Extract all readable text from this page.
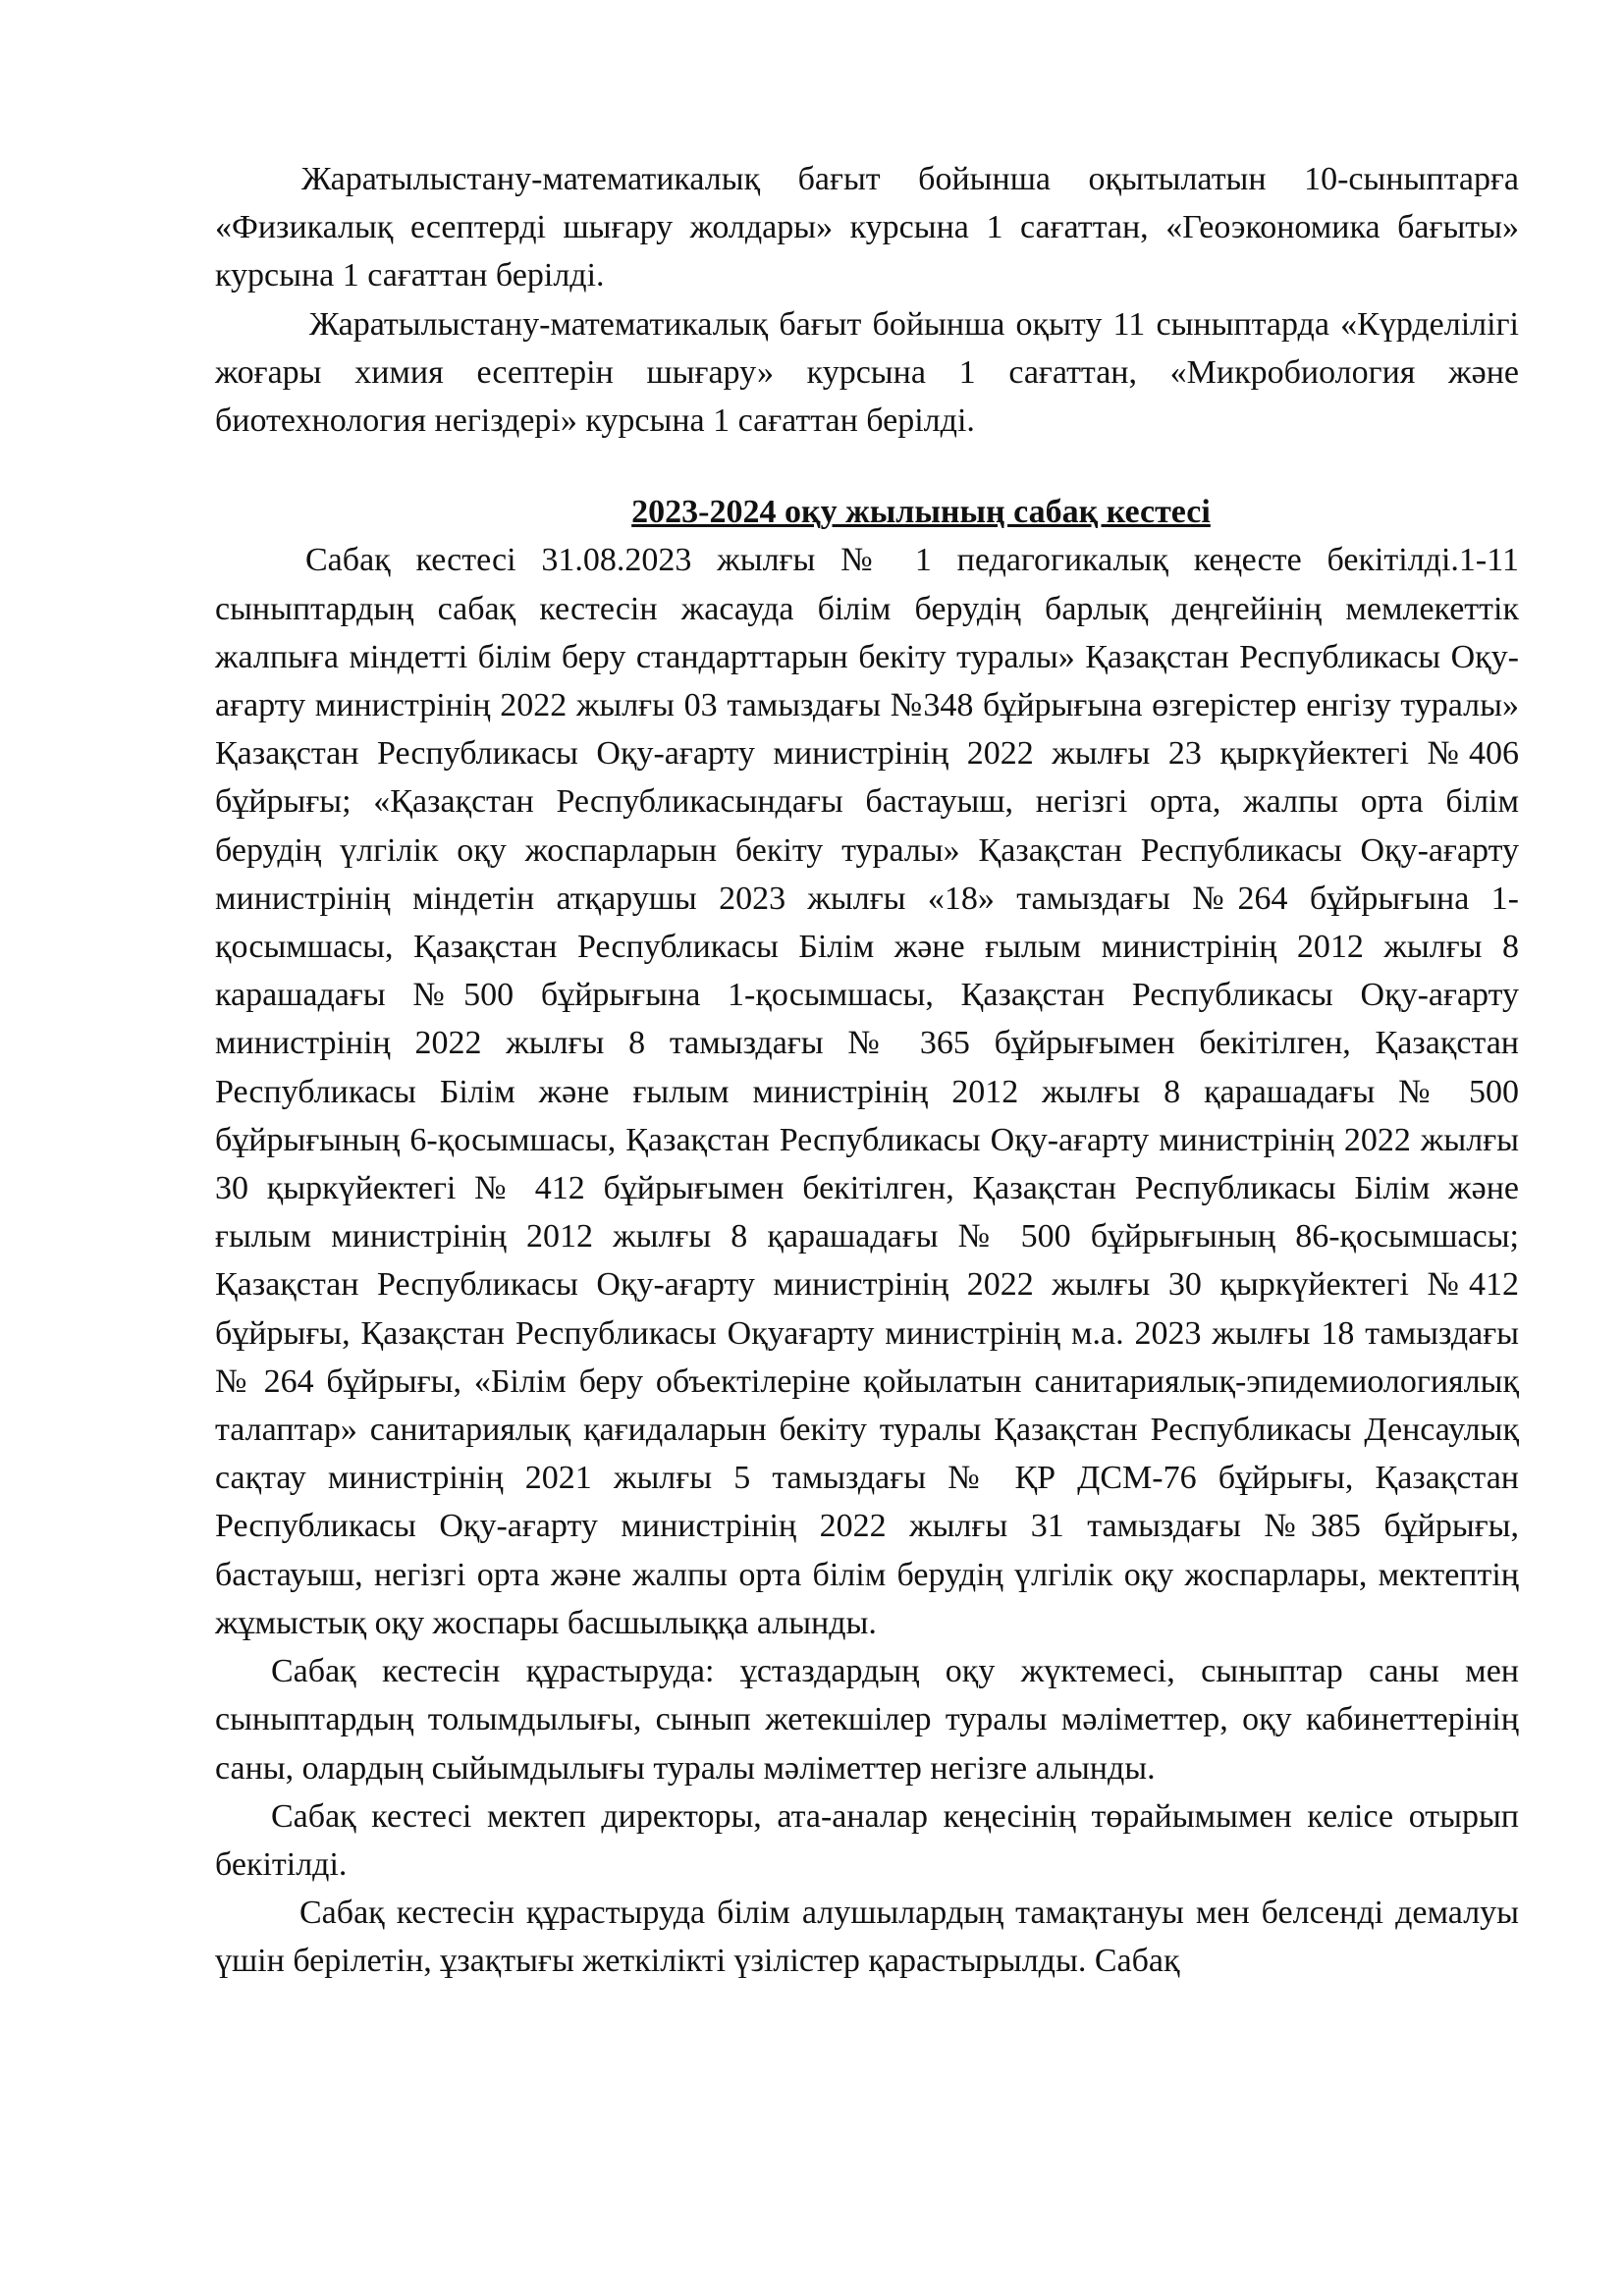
Жаратылыстану-математикалық бағыт бойынша оқытылатын 10-сыныптарға «Физикалық есептерді шығару жолдары» курсына 1 сағаттан, «Геоэкономика бағыты» курсына 1 сағаттан берілді.

Жаратылыстану-математикалық бағыт бойынша оқыту 11 сыныптарда «Күрделілігі жоғары химия есептерін шығару» курсына 1 сағаттан, «Микробиология және биотехнология негіздері» курсына 1 сағаттан берілді.

2023-2024 оқу жылының сабақ кестесі

Сабақ кестесі 31.08.2023 жылғы № 1 педагогикалық кеңесте бекітілді.1-11 сыныптардың сабақ кестесін жасауда білім берудің барлық деңгейінің мемлекеттік жалпыға міндетті білім беру стандарттарын бекіту туралы» Қазақстан Республикасы Оқу-ағарту министрінің 2022 жылғы 03 тамыздағы №348 бұйрығына өзгерістер енгізу туралы» Қазақстан Республикасы Оқу-ағарту министрінің 2022 жылғы 23 қыркүйектегі №406 бұйрығы; «Қазақстан Республикасындағы бастауыш, негізгі орта, жалпы орта білім берудің үлгілік оқу жоспарларын бекіту туралы» Қазақстан Республикасы Оқу-ағарту министрінің міндетін атқарушы 2023 жылғы «18» тамыздағы №264 бұйрығына 1-қосымшасы, Қазақстан Республикасы Білім және ғылым министрінің 2012 жылғы 8 карашадағы №500 бұйрығына 1-қосымшасы, Қазақстан Республикасы Оқу-ағарту министрінің 2022 жылғы 8 тамыздағы № 365 бұйрығымен бекітілген, Қазақстан Республикасы Білім және ғылым министрінің 2012 жылғы 8 қарашадағы № 500 бұйрығының 6-қосымшасы, Қазақстан Республикасы Оқу-ағарту министрінің 2022 жылғы 30 қыркүйектегі № 412 бұйрығымен бекітілген, Қазақстан Республикасы Білім және ғылым министрінің 2012 жылғы 8 қарашадағы № 500 бұйрығының 86-қосымшасы; Қазақстан Республикасы Оқу-ағарту министрінің 2022 жылғы 30 қыркүйектегі №412 бұйрығы, Қазақстан Республикасы Оқуағарту министрінің м.а. 2023 жылғы 18 тамыздағы № 264 бұйрығы, «Білім беру объектілеріне қойылатын санитариялық-эпидемиологиялық талаптар» санитариялық қағидаларын бекіту туралы Қазақстан Республикасы Денсаулық сақтау министрінің 2021 жылғы 5 тамыздағы № ҚР ДСМ-76 бұйрығы, Қазақстан Республикасы Оқу-ағарту министрінің 2022 жылғы 31 тамыздағы №385 бұйрығы, бастауыш, негізгі орта және жалпы орта білім берудің үлгілік оқу жоспарлары, мектептің жұмыстық оқу жоспары басшылыққа алынды.

Сабақ кестесін құрастыруда: ұстаздардың оқу жүктемесі, сыныптар саны мен сыныптардың толымдылығы, сынып жетекшілер туралы мәліметтер, оқу кабинеттерінің саны, олардың сыйымдылығы туралы мәліметтер негізге алынды.

Сабақ кестесі мектеп директоры, ата-аналар кеңесінің төрайымымен келісе отырып бекітілді.

Сабақ кестесін құрастыруда білім алушылардың тамақтануы мен белсенді демалуы үшін берілетін, ұзақтығы жеткілікті үзілістер қарастырылды. Сабақ
